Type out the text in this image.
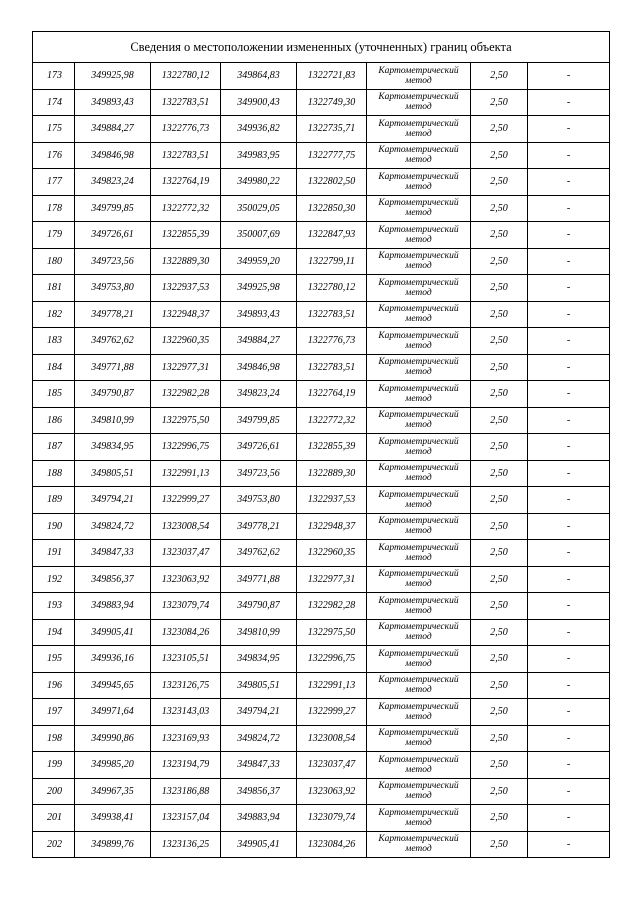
Сведения о местоположении измененных (уточненных) границ объекта							
173	349925,98	1322780,12	349864,83	1322721,83	Картометрический метод	2,50	-
174	349893,43	1322783,51	349900,43	1322749,30	Картометрический метод	2,50	-
175	349884,27	1322776,73	349936,82	1322735,71	Картометрический метод	2,50	-
176	349846,98	1322783,51	349983,95	1322777,75	Картометрический метод	2,50	-
177	349823,24	1322764,19	349980,22	1322802,50	Картометрический метод	2,50	-
178	349799,85	1322772,32	350029,05	1322850,30	Картометрический метод	2,50	-
179	349726,61	1322855,39	350007,69	1322847,93	Картометрический метод	2,50	-
180	349723,56	1322889,30	349959,20	1322799,11	Картометрический метод	2,50	-
181	349753,80	1322937,53	349925,98	1322780,12	Картометрический метод	2,50	-
182	349778,21	1322948,37	349893,43	1322783,51	Картометрический метод	2,50	-
183	349762,62	1322960,35	349884,27	1322776,73	Картометрический метод	2,50	-
184	349771,88	1322977,31	349846,98	1322783,51	Картометрический метод	2,50	-
185	349790,87	1322982,28	349823,24	1322764,19	Картометрический метод	2,50	-
186	349810,99	1322975,50	349799,85	1322772,32	Картометрический метод	2,50	-
187	349834,95	1322996,75	349726,61	1322855,39	Картометрический метод	2,50	-
188	349805,51	1322991,13	349723,56	1322889,30	Картометрический метод	2,50	-
189	349794,21	1322999,27	349753,80	1322937,53	Картометрический метод	2,50	-
190	349824,72	1323008,54	349778,21	1322948,37	Картометрический метод	2,50	-
191	349847,33	1323037,47	349762,62	1322960,35	Картометрический метод	2,50	-
192	349856,37	1323063,92	349771,88	1322977,31	Картометрический метод	2,50	-
193	349883,94	1323079,74	349790,87	1322982,28	Картометрический метод	2,50	-
194	349905,41	1323084,26	349810,99	1322975,50	Картометрический метод	2,50	-
195	349936,16	1323105,51	349834,95	1322996,75	Картометрический метод	2,50	-
196	349945,65	1323126,75	349805,51	1322991,13	Картометрический метод	2,50	-
197	349971,64	1323143,03	349794,21	1322999,27	Картометрический метод	2,50	-
198	349990,86	1323169,93	349824,72	1323008,54	Картометрический метод	2,50	-
199	349985,20	1323194,79	349847,33	1323037,47	Картометрический метод	2,50	-
200	349967,35	1323186,88	349856,37	1323063,92	Картометрический метод	2,50	-
201	349938,41	1323157,04	349883,94	1323079,74	Картометрический метод	2,50	-
202	349899,76	1323136,25	349905,41	1323084,26	Картометрический метод	2,50	-
